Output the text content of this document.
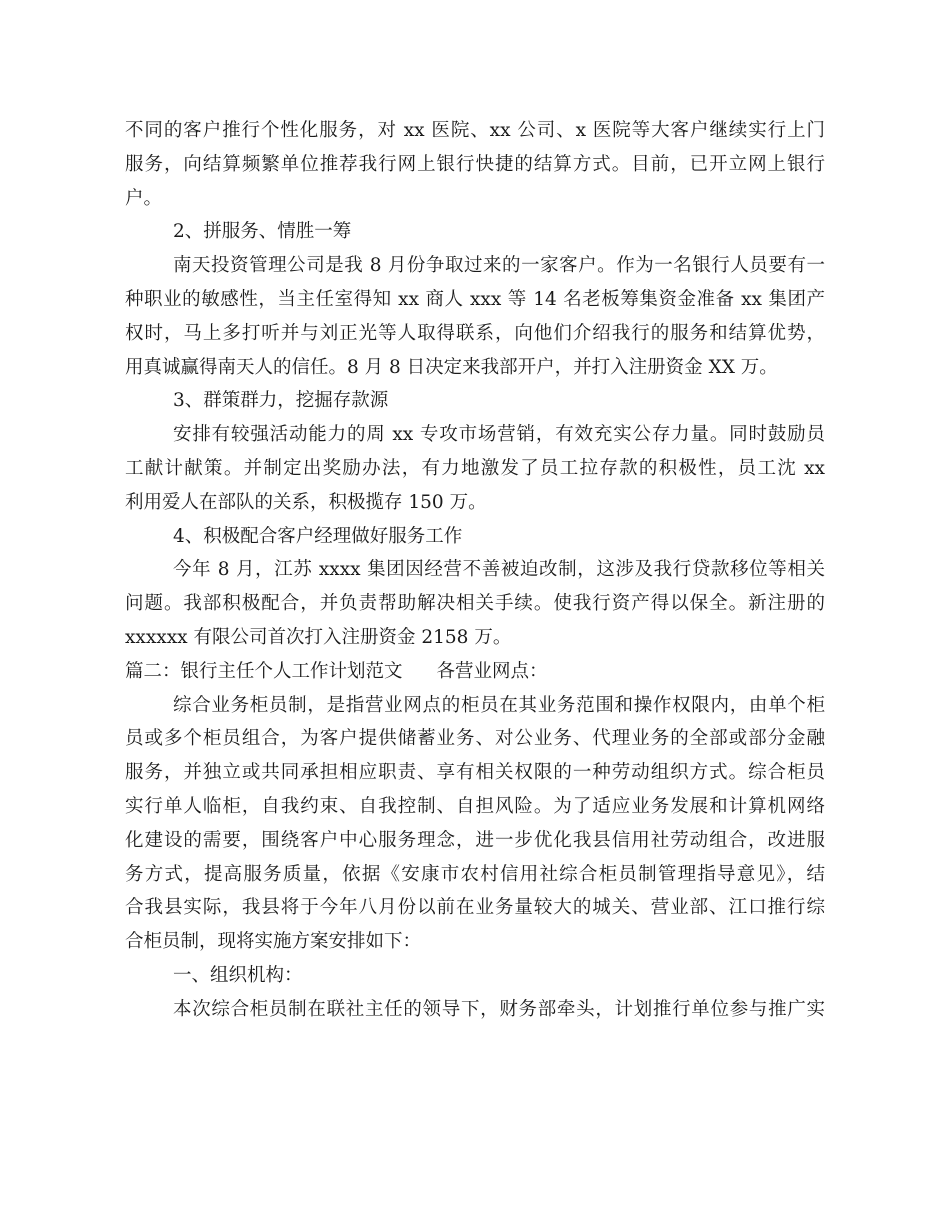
不同的客户推行个性化服务，对 xx 医院、xx 公司、x 医院等大客户继续实行上门
服务，向结算频繁单位推荐我行网上银行快捷的结算方式。目前，已开立网上银行
户。
2、拼服务、情胜一筹
南天投资管理公司是我 8 月份争取过来的一家客户。作为一名银行人员要有一
种职业的敏感性，当主任室得知 xx 商人 xxx 等 14 名老板筹集资金准备 xx 集团产
权时，马上多打听并与刘正光等人取得联系，向他们介绍我行的服务和结算优势，
用真诚赢得南天人的信任。8 月 8 日决定来我部开户，并打入注册资金 XX 万。
3、群策群力，挖掘存款源
安排有较强活动能力的周 xx 专攻市场营销，有效充实公存力量。同时鼓励员
工献计献策。并制定出奖励办法，有力地激发了员工拉存款的积极性，员工沈 xx
利用爱人在部队的关系，积极揽存 150 万。
4、积极配合客户经理做好服务工作
今年 8 月，江苏 xxxx 集团因经营不善被迫改制，这涉及我行贷款移位等相关
问题。我部积极配合，并负责帮助解决相关手续。使我行资产得以保全。新注册的
xxxxxx 有限公司首次打入注册资金 2158 万。
篇二：银行主任个人工作计划范文 各营业网点：
综合业务柜员制，是指营业网点的柜员在其业务范围和操作权限内，由单个柜
员或多个柜员组合，为客户提供储蓄业务、对公业务、代理业务的全部或部分金融
服务，并独立或共同承担相应职责、享有相关权限的一种劳动组织方式。综合柜员
实行单人临柜，自我约束、自我控制、自担风险。为了适应业务发展和计算机网络
化建设的需要，围绕客户中心服务理念，进一步优化我县信用社劳动组合，改进服
务方式，提高服务质量，依据《安康市农村信用社综合柜员制管理指导意见》，结
合我县实际，我县将于今年八月份以前在业务量较大的城关、营业部、江口推行综
合柜员制，现将实施方案安排如下：
一、组织机构：
本次综合柜员制在联社主任的领导下，财务部牵头，计划推行单位参与推广实
